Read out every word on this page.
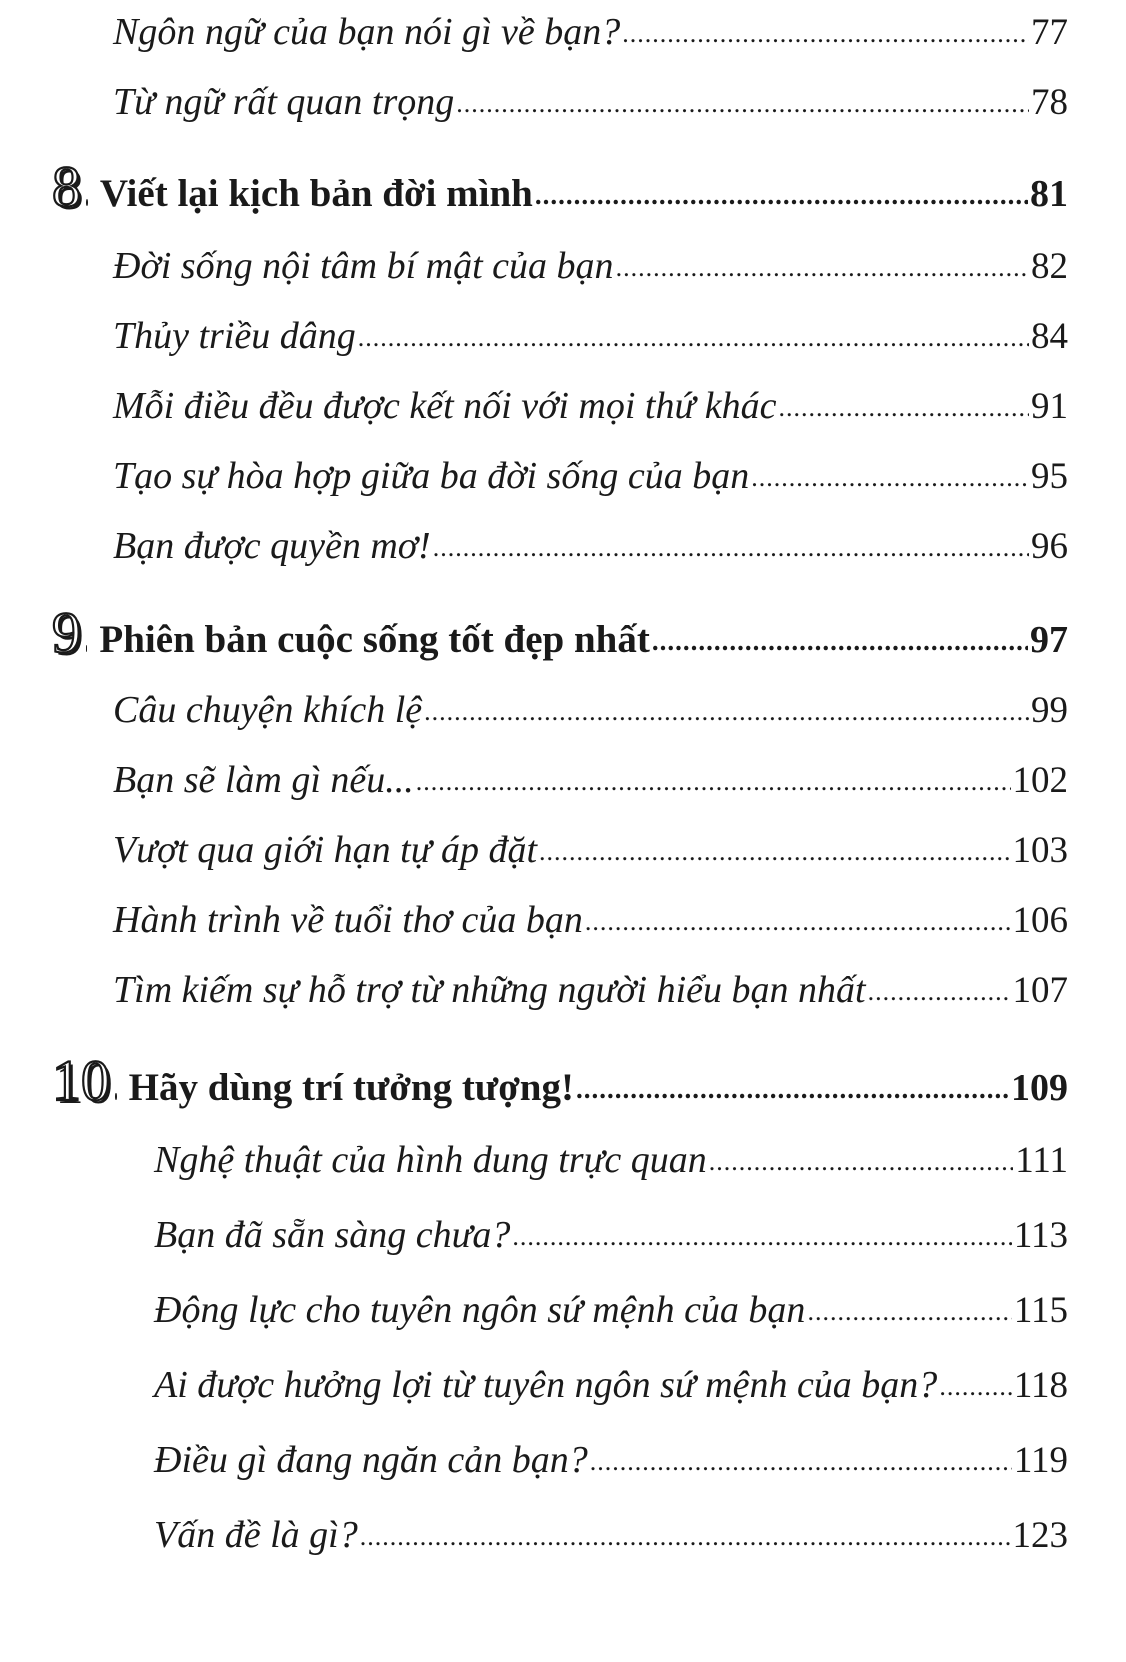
Ngôn ngữ của bạn nói gì về bạn? .....	77
Từ ngữ rất quan trọng .....	78
8 Viết lại kịch bản đời mình .....	81
Đời sống nội tâm bí mật của bạn .....	82
Thủy triều dâng .....	84
Mỗi điều đều được kết nối với mọi thứ khác .....	91
Tạo sự hòa hợp giữa ba đời sống của bạn .....	95
Bạn được quyền mơ! .....	96
9 Phiên bản cuộc sống tốt đẹp nhất .....	97
Câu chuyện khích lệ .....	99
Bạn sẽ làm gì nếu... .....	102
Vượt qua giới hạn tự áp đặt .....	103
Hành trình về tuổi thơ của bạn .....	106
Tìm kiếm sự hỗ trợ từ những người hiểu bạn nhất .....	107
10 Hãy dùng trí tưởng tượng! .....	109
Nghệ thuật của hình dung trực quan .....	111
Bạn đã sẵn sàng chưa? .....	113
Động lực cho tuyên ngôn sứ mệnh của bạn .....	115
Ai được hưởng lợi từ tuyên ngôn sứ mệnh của bạn? ..... 118
Điều gì đang ngăn cản bạn? .....	119
Vấn đề là gì? .....	123
